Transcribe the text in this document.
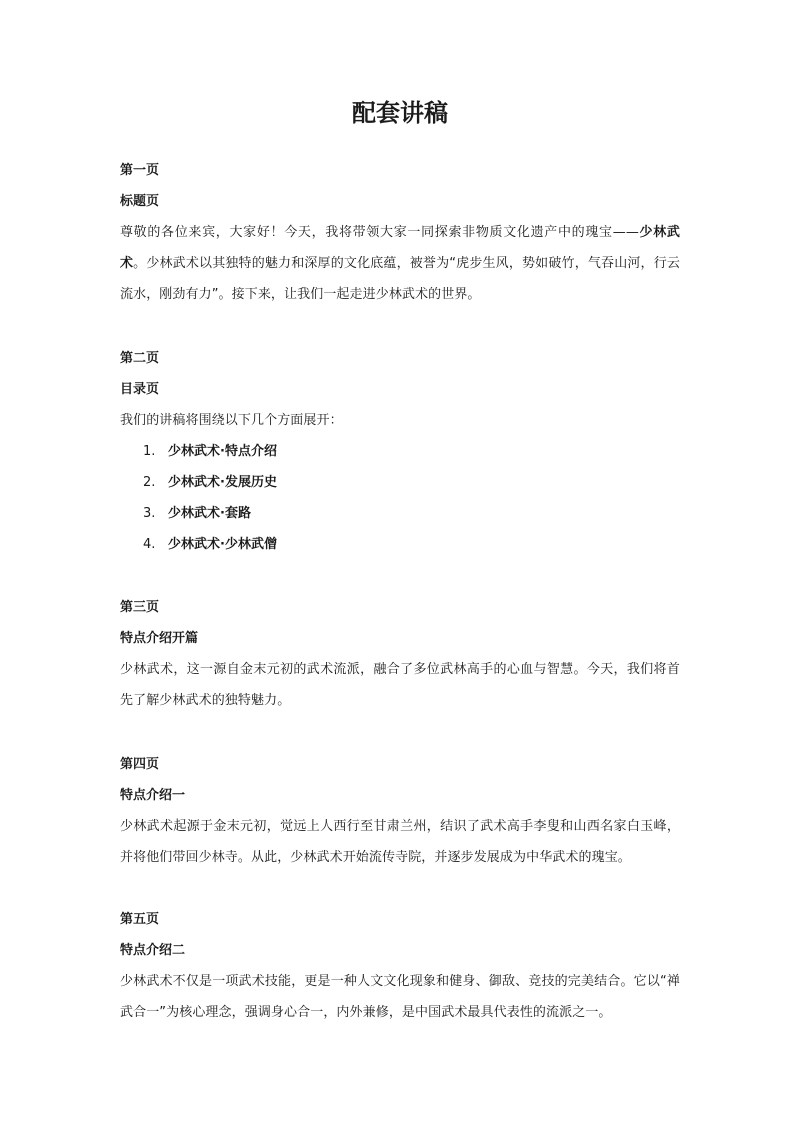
配套讲稿
第一页
标题页
尊敬的各位来宾，大家好！今天，我将带领大家一同探索非物质文化遗产中的瑰宝——少林武术。少林武术以其独特的魅力和深厚的文化底蕴，被誉为“虎步生风，势如破竹，气吞山河，行云流水，刚劲有力”。接下来，让我们一起走进少林武术的世界。
第二页
目录页
我们的讲稿将围绕以下几个方面展开：
1. 少林武术·特点介绍
2. 少林武术·发展历史
3. 少林武术·套路
4. 少林武术·少林武僧
第三页
特点介绍开篇
少林武术，这一源自金末元初的武术流派，融合了多位武林高手的心血与智慧。今天，我们将首先了解少林武术的独特魅力。
第四页
特点介绍一
少林武术起源于金末元初，觉远上人西行至甘肃兰州，结识了武术高手李叟和山西名家白玉峰，并将他们带回少林寺。从此，少林武术开始流传寺院，并逐步发展成为中华武术的瑰宝。
第五页
特点介绍二
少林武术不仅是一项武术技能，更是一种人文文化现象和健身、御敌、竞技的完美结合。它以“禅武合一”为核心理念，强调身心合一，内外兼修，是中国武术最具代表性的流派之一。
